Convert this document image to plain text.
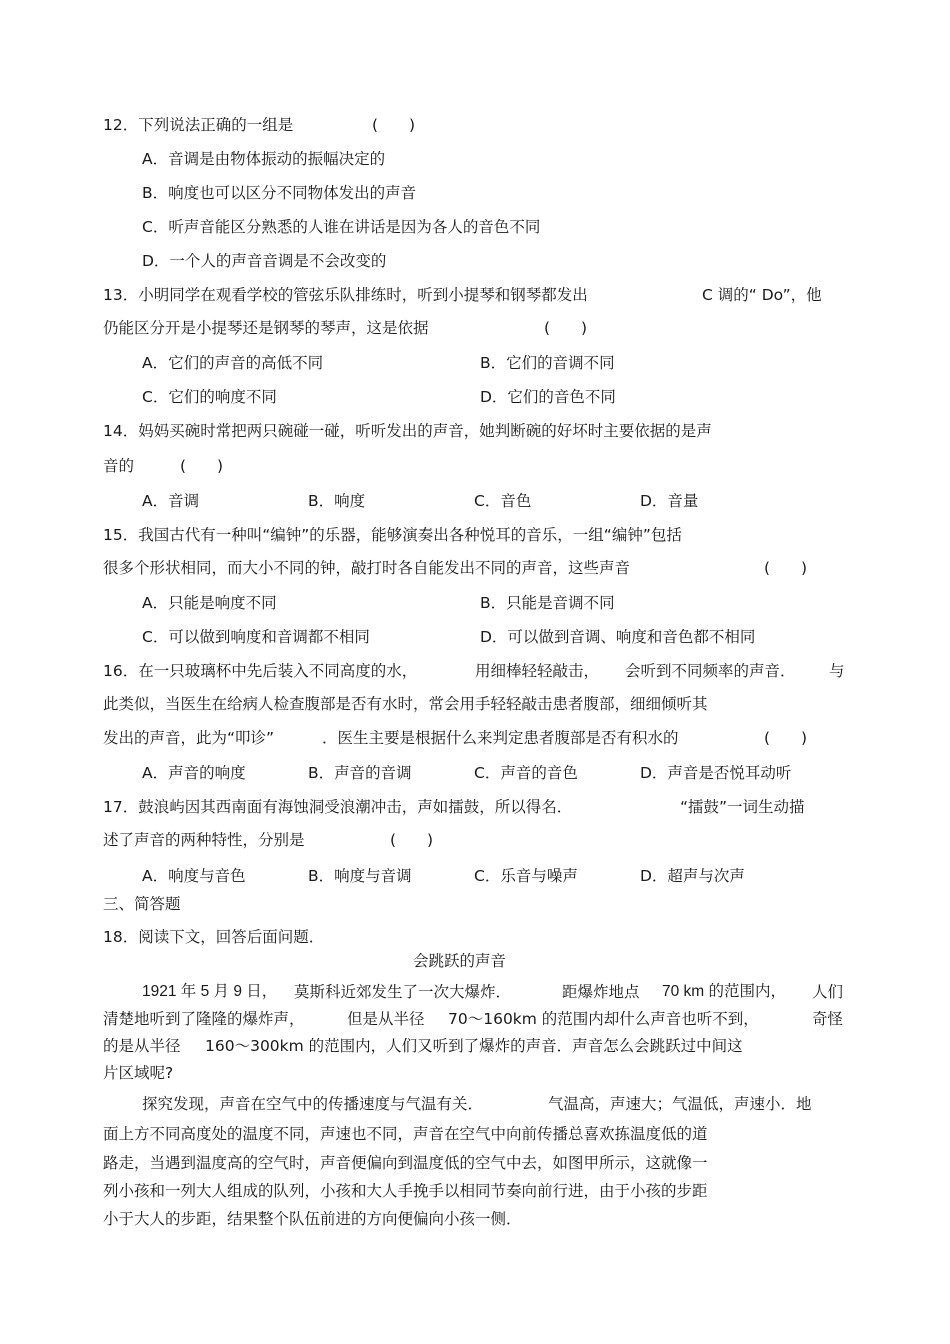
12．下列说法正确的一组是	(　　)
A．音调是由物体振动的振幅决定的
B．响度也可以区分不同物体发出的声音
C．听声音能区分熟悉的人谁在讲话是因为各人的音色不同
D．一个人的声音音调是不会改变的
13．小明同学在观看学校的管弦乐队排练时，听到小提琴和钢琴都发出	C 调的“ Do”，他
仍能区分开是小提琴还是钢琴的琴声，这是依据	(　　)
A．它们的声音的高低不同	B．它们的音调不同
C．它们的响度不同	D．它们的音色不同
14．妈妈买碗时常把两只碗碰一碰，听听发出的声音，她判断碗的好坏时主要依据的是声
音的	(　　)
A．音调	B．响度	C．音色	D．音量
15．我国古代有一种叫“编钟”的乐器，能够演奏出各种悦耳的音乐，一组“编钟”包括
很多个形状相同，而大小不同的钟，敲打时各自能发出不同的声音，这些声音	(　　)
A．只能是响度不同	B．只能是音调不同
C．可以做到响度和音调都不相同	D．可以做到音调、响度和音色都不相同
16．在一只玻璃杯中先后装入不同高度的水，	用细棒轻轻敲击， 会听到不同频率的声音． 与
此类似，当医生在给病人检查腹部是否有水时，常会用手轻轻敲击患者腹部，细细倾听其
发出的声音，此为“叩诊”	．医生主要是根据什么来判定患者腹部是否有积水的	(　　)
A．声音的响度	B．声音的音调	C．声音的音色	D．声音是否悦耳动听
17．鼓浪屿因其西南面有海蚀洞受浪潮冲击，声如擂鼓，所以得名．	“擂鼓”一词生动描
述了声音的两种特性，分别是	(　　)
A．响度与音色	B．响度与音调	C．乐音与噪声	D．超声与次声
三、简答题
18．阅读下文，回答后面问题．
会跳跃的声音
1921 年 5 月 9 日， 莫斯科近郊发生了一次大爆炸．	距爆炸地点 70 km 的范围内， 人们
清楚地听到了隆隆的爆炸声，	但是从半径 70～160km 的范围内却什么声音也听不到，	奇怪
的是从半径 160～300km 的范围内，人们又听到了爆炸的声音．声音怎么会跳跃过中间这
片区域呢?
探究发现，声音在空气中的传播速度与气温有关．	气温高，声速大；气温低，声速小．地
面上方不同高度处的温度不同，声速也不同，声音在空气中向前传播总喜欢拣温度低的道
路走，当遇到温度高的空气时，声音便偏向到温度低的空气中去，如图甲所示，这就像一
列小孩和一列大人组成的队列，小孩和大人手挽手以相同节奏向前行进，由于小孩的步距
小于大人的步距，结果整个队伍前进的方向便偏向小孩一侧．
